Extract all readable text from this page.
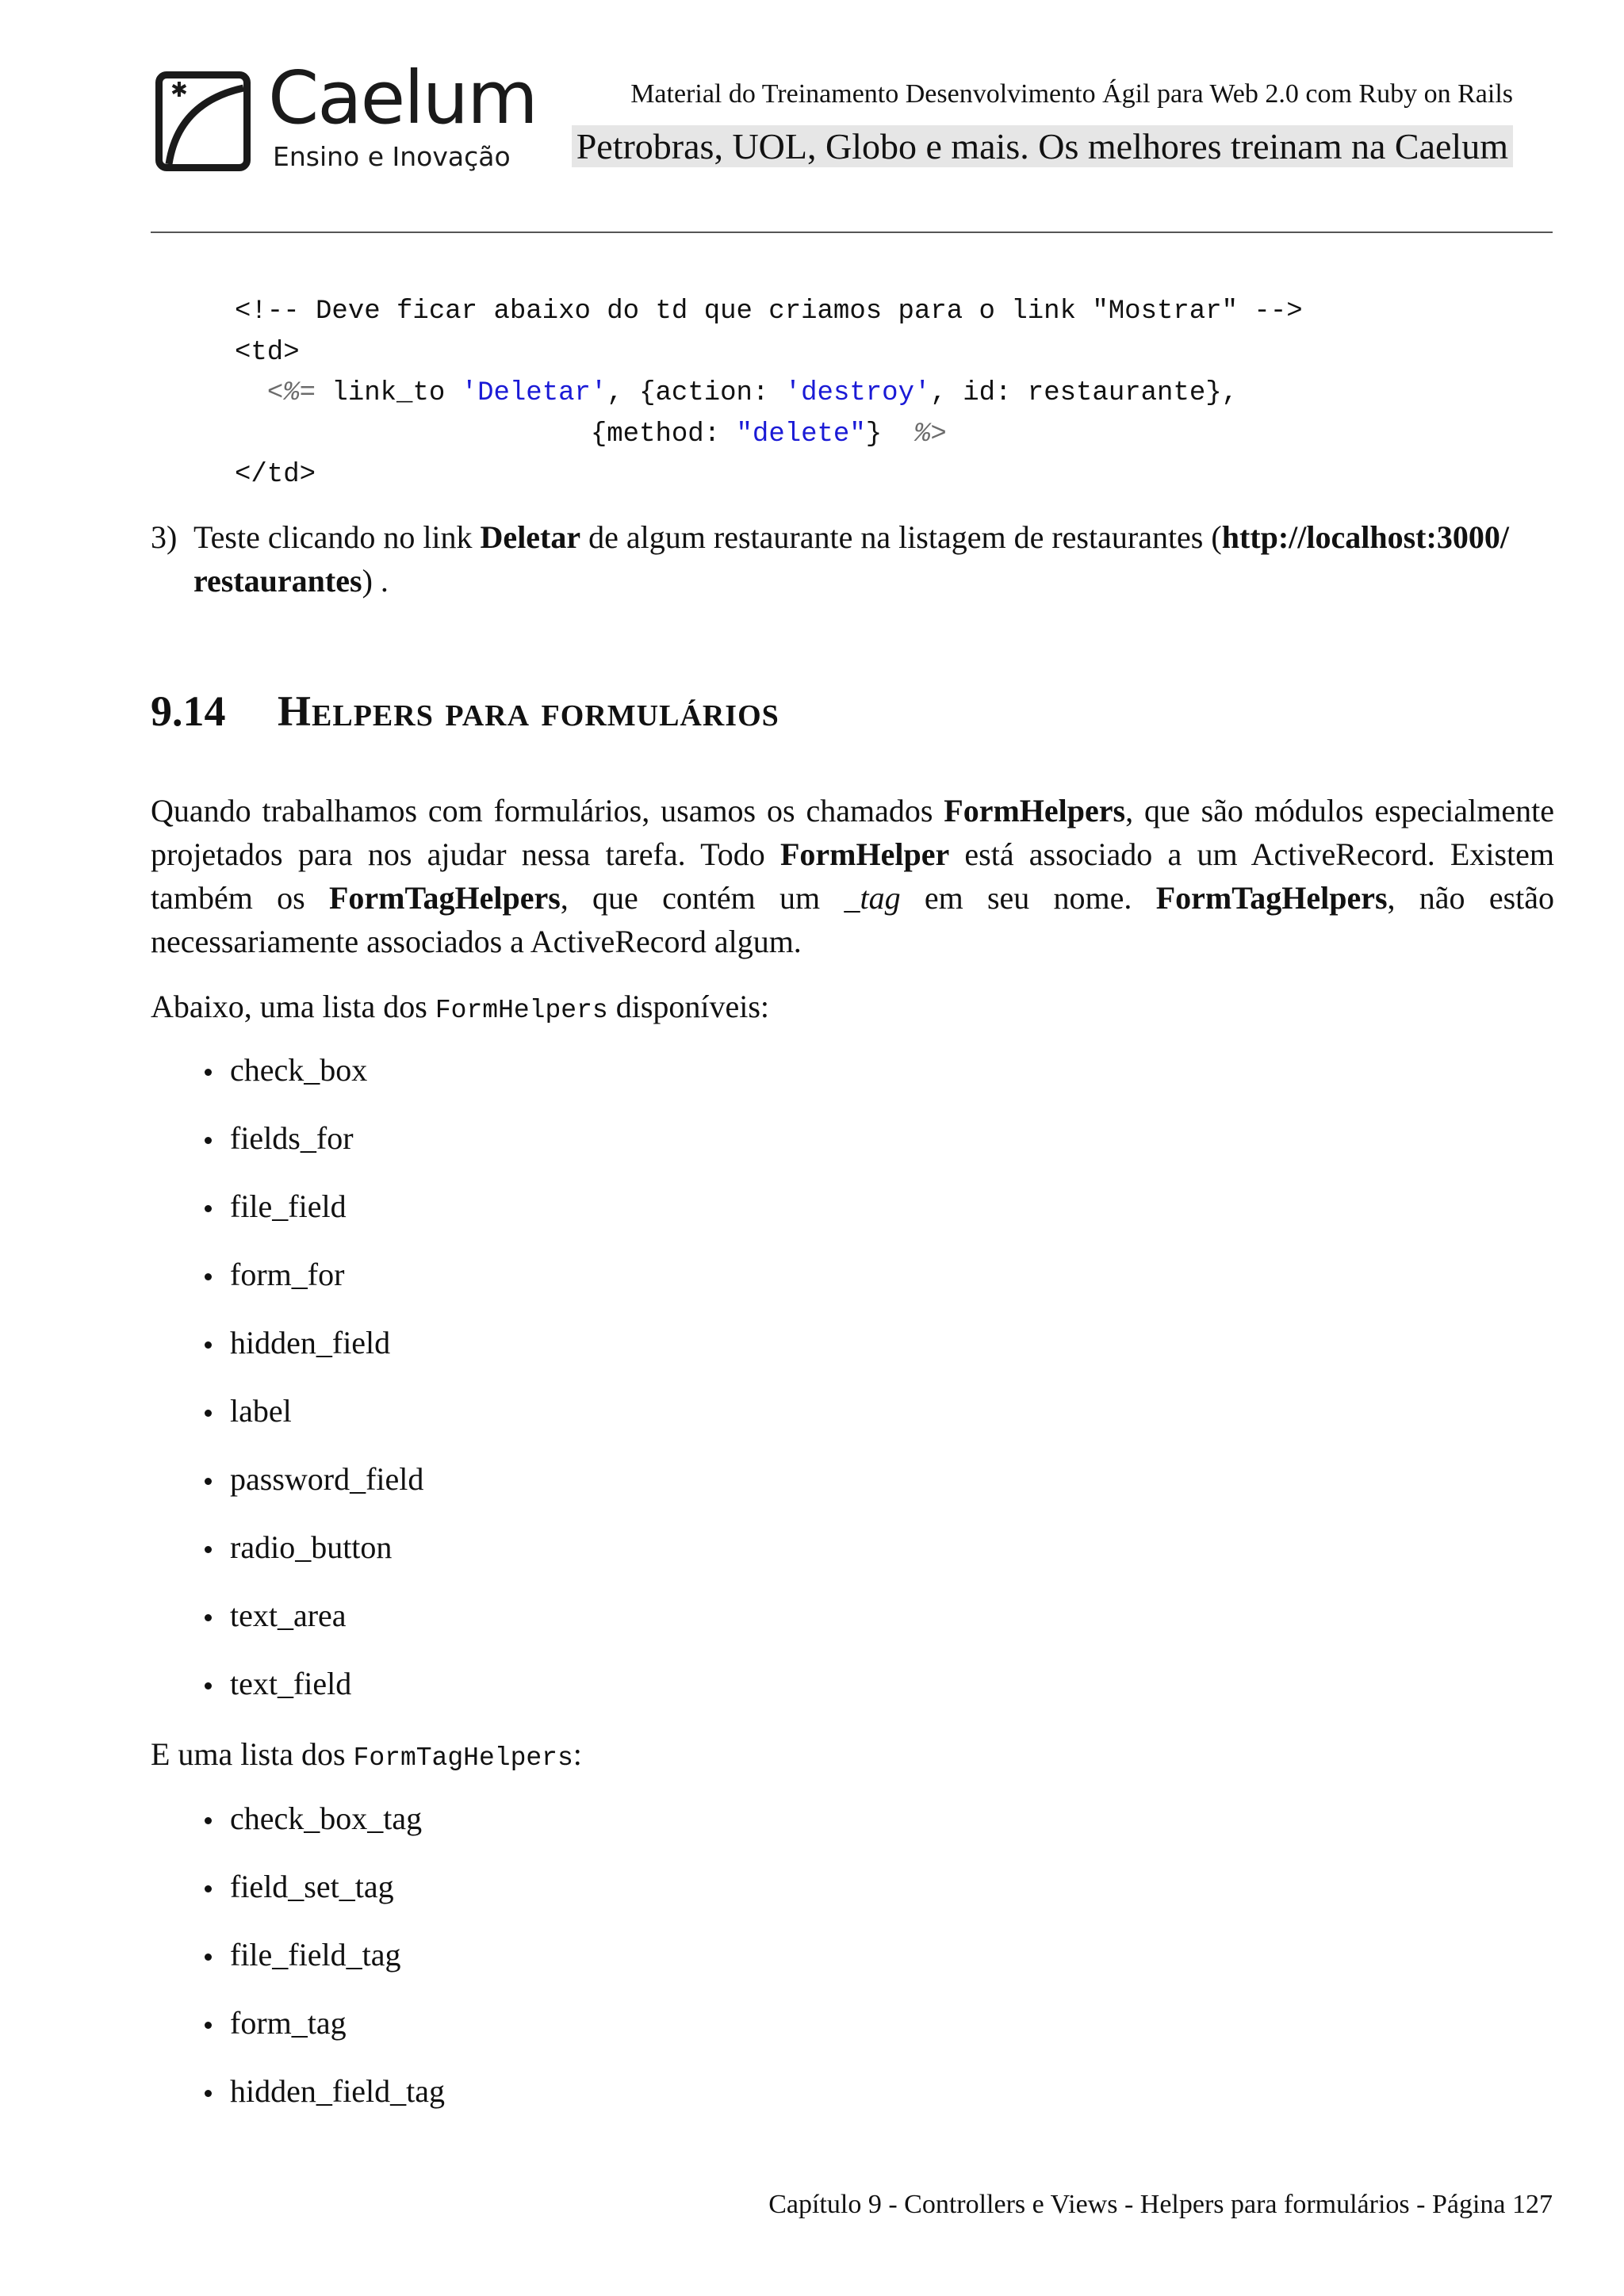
✱ Caelum
Ensino e Inovação
Material do Treinamento Desenvolvimento Ágil para Web 2.0 com Ruby on Rails
Petrobras, UOL, Globo e mais. Os melhores treinam na Caelum
<!-- Deve ficar abaixo do td que criamos para o link "Mostrar" -->
<td>
<%= link_to 'Deletar', {action: 'destroy', id: restaurante},
{method: "delete"}  %>
</td>
3) Teste clicando no link Deletar de algum restaurante na listagem de restaurantes (http://localhost:3000/ restaurantes) .
9.14 Helpers para formulários

Quando trabalhamos com formulários, usamos os chamados FormHelpers, que são módulos especialmente projetados para nos ajudar nessa tarefa. Todo FormHelper está associado a um ActiveRecord. Existem também os FormTagHelpers, que contém um _tag em seu nome. FormTagHelpers, não estão necessariamente associados a ActiveRecord algum.

Abaixo, uma lista dos FormHelpers disponíveis:

check_box
fields_for
file_field
form_for
hidden_field
label
password_field
radio_button
text_area
text_field

E uma lista dos FormTagHelpers:

check_box_tag
field_set_tag
file_field_tag
form_tag
hidden_field_tag
Capítulo 9 - Controllers e Views - Helpers para formulários - Página 127
